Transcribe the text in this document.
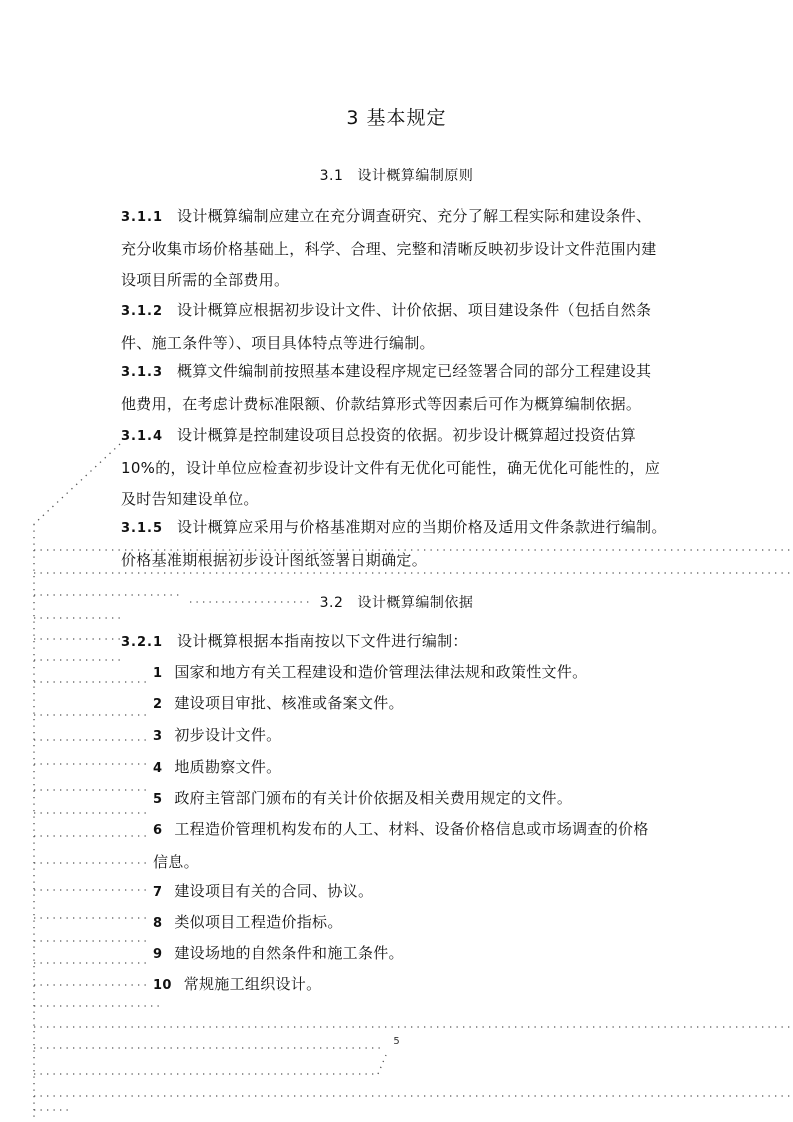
3 基本规定
3.1 设计概算编制原则
3.1.1 设计概算编制应建立在充分调查研究、充分了解工程实际和建设条件、
充分收集市场价格基础上，科学、合理、完整和清晰反映初步设计文件范围内建
设项目所需的全部费用。
3.1.2 设计概算应根据初步设计文件、计价依据、项目建设条件（包括自然条
件、施工条件等）、项目具体特点等进行编制。
3.1.3 概算文件编制前按照基本建设程序规定已经签署合同的部分工程建设其
他费用，在考虑计费标准限额、价款结算形式等因素后可作为概算编制依据。
3.1.4 设计概算是控制建设项目总投资的依据。初步设计概算超过投资估算
10%的，设计单位应检查初步设计文件有无优化可能性，确无优化可能性的，应
及时告知建设单位。
3.1.5 设计概算应采用与价格基准期对应的当期价格及适用文件条款进行编制。
价格基准期根据初步设计图纸签署日期确定。
3.2 设计概算编制依据
3.2.1 设计概算根据本指南按以下文件进行编制：
1 国家和地方有关工程建设和造价管理法律法规和政策性文件。
2 建设项目审批、核准或备案文件。
3 初步设计文件。
4 地质勘察文件。
5 政府主管部门颁布的有关计价依据及相关费用规定的文件。
6 工程造价管理机构发布的人工、材料、设备价格信息或市场调查的价格
信息。
7 建设项目有关的合同、协议。
8 类似项目工程造价指标。
9 建设场地的自然条件和施工条件。
10 常规施工组织设计。
5
